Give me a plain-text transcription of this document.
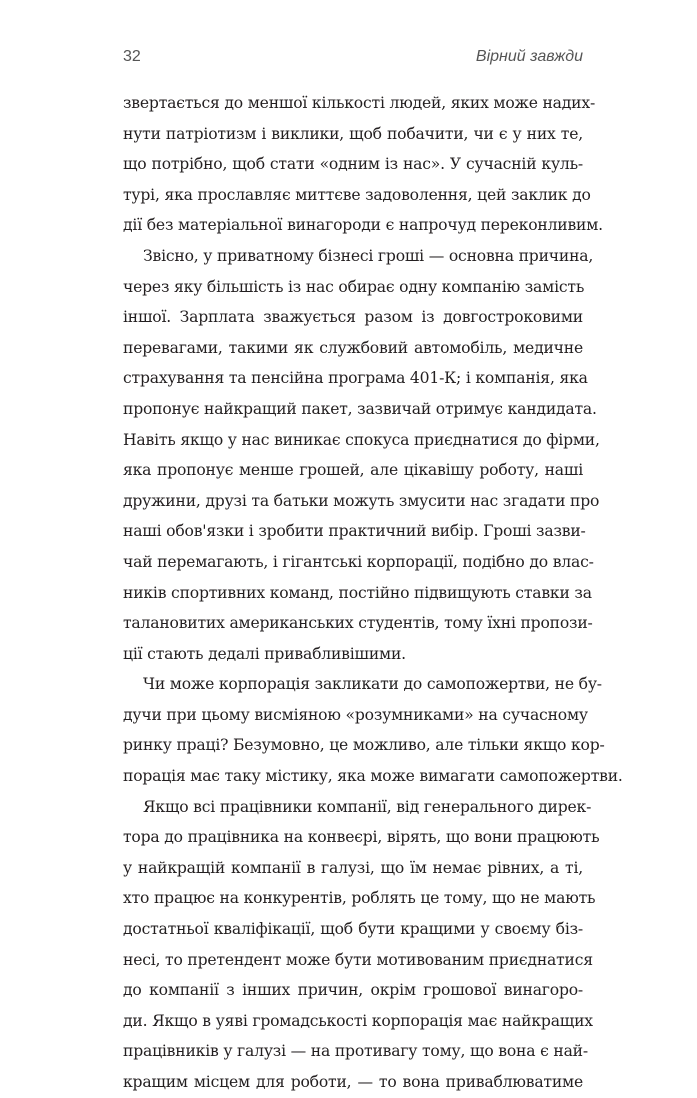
32	Вірний завжди
звертається до меншої кількості людей, яких може надих-
нути патріотизм і виклики, щоб побачити, чи є у них те,
що потрібно, щоб стати «одним із нас». У сучасній куль-
турі, яка прославляє миттєве задоволення, цей заклик до
дії без матеріальної винагороди є напрочуд переконливим.
Звісно, у приватному бізнесі гроші — основна причина,
через яку більшість із нас обирає одну компанію замість
іншої. Зарплата зважується разом із довгостроковими
перевагами, такими як службовий автомобіль, медичне
страхування та пенсійна програма 401-К; і компанія, яка
пропонує найкращий пакет, зазвичай отримує кандидата.
Навіть якщо у нас виникає спокуса приєднатися до фірми,
яка пропонує менше грошей, але цікавішу роботу, наші
дружини, друзі та батьки можуть змусити нас згадати про
наші обов'язки і зробити практичний вибір. Гроші зазви-
чай перемагають, і гігантські корпорації, подібно до влас-
ників спортивних команд, постійно підвищують ставки за
талановитих американських студентів, тому їхні пропози-
ції стають дедалі привабливішими.
Чи може корпорація закликати до самопожертви, не бу-
дучи при цьому висміяною «розумниками» на сучасному
ринку праці? Безумовно, це можливо, але тільки якщо кор-
порація має таку містику, яка може вимагати самопожертви.
Якщо всі працівники компанії, від генерального дирек-
тора до працівника на конвеєрі, вірять, що вони працюють
у найкращій компанії в галузі, що їм немає рівних, а ті,
хто працює на конкурентів, роблять це тому, що не мають
достатньої кваліфікації, щоб бути кращими у своєму біз-
несі, то претендент може бути мотивованим приєднатися
до компанії з інших причин, окрім грошової винагоро-
ди. Якщо в уяві громадськості корпорація має найкращих
працівників у галузі — на противагу тому, що вона є най-
кращим місцем для роботи, — то вона приваблюватиме
